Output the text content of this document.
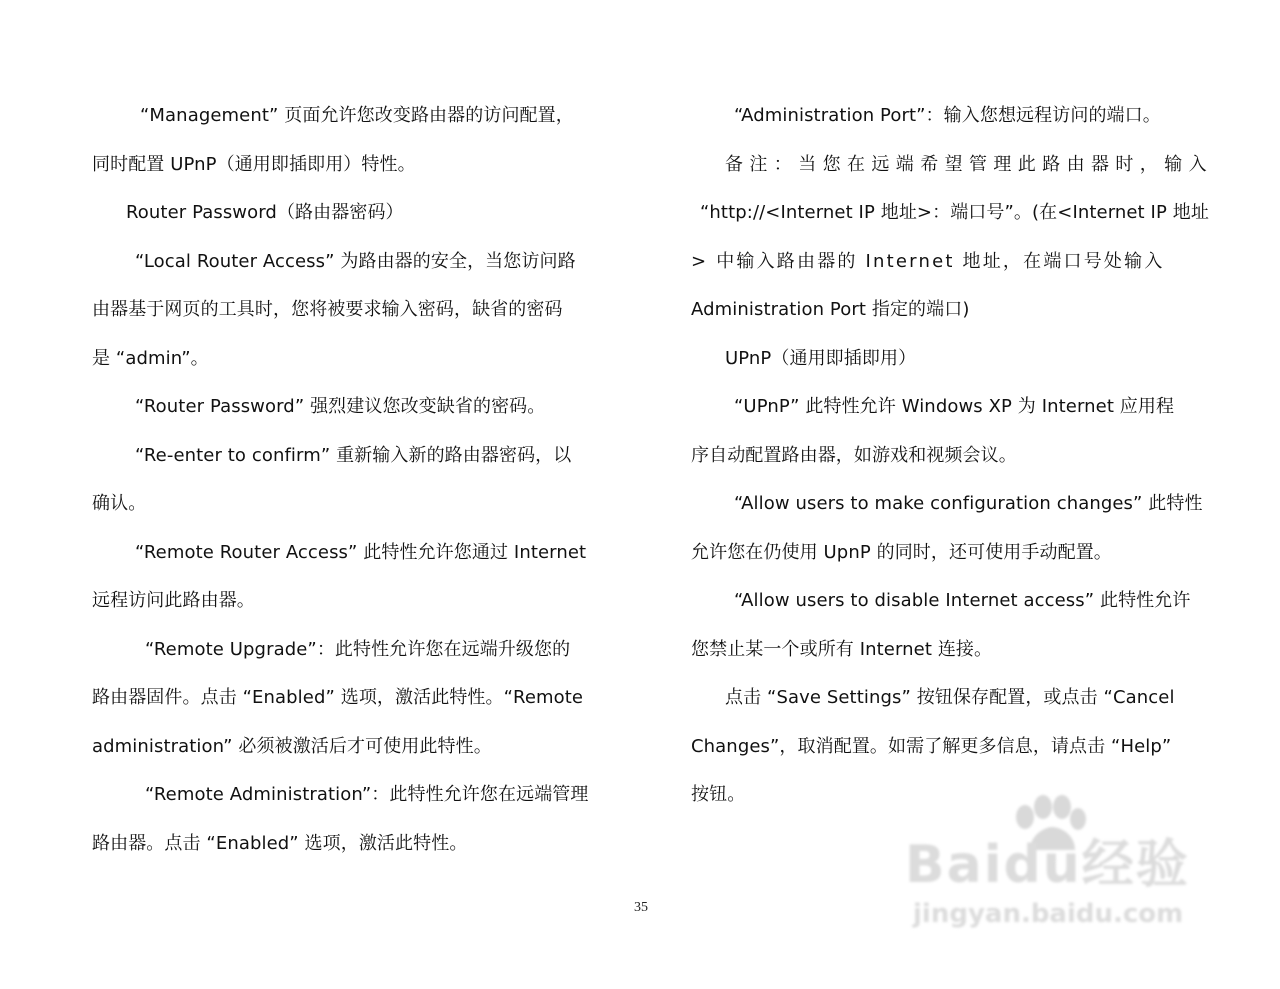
“Management” 页面允许您改变路由器的访问配置，
同时配置 UPnP（通用即插即用）特性。
Router Password（路由器密码）
“Local Router Access” 为路由器的安全，当您访问路
由器基于网页的工具时，您将被要求输入密码，缺省的密码
是 “admin”。
“Router Password” 强烈建议您改变缺省的密码。
“Re-enter to confirm” 重新输入新的路由器密码，以
确认。
“Remote Router Access” 此特性允许您通过 Internet
远程访问此路由器。
“Remote Upgrade”：此特性允许您在远端升级您的
路由器固件。点击 “Enabled” 选项，激活此特性。“Remote
administration” 必须被激活后才可使用此特性。
“Remote Administration”：此特性允许您在远端管理
路由器。点击 “Enabled” 选项，激活此特性。
“Administration Port”：输入您想远程访问的端口。
备注：当您在远端希望管理此路由器时，输入
“http://<Internet IP 地址>：端口号”。(在<Internet IP 地址
> 中输入路由器的 Internet 地址，在端口号处输入
Administration Port 指定的端口)
UPnP（通用即插即用）
“UPnP” 此特性允许 Windows XP 为 Internet 应用程
序自动配置路由器，如游戏和视频会议。
“Allow users to make configuration changes” 此特性
允许您在仍使用 UpnP 的同时，还可使用手动配置。
“Allow users to disable Internet access” 此特性允许
您禁止某一个或所有 Internet 连接。
点击 “Save Settings” 按钮保存配置，或点击 “Cancel
Changes”，取消配置。如需了解更多信息，请点击 “Help”
按钮。
35
Baidu经验
jingyan.baidu.com
